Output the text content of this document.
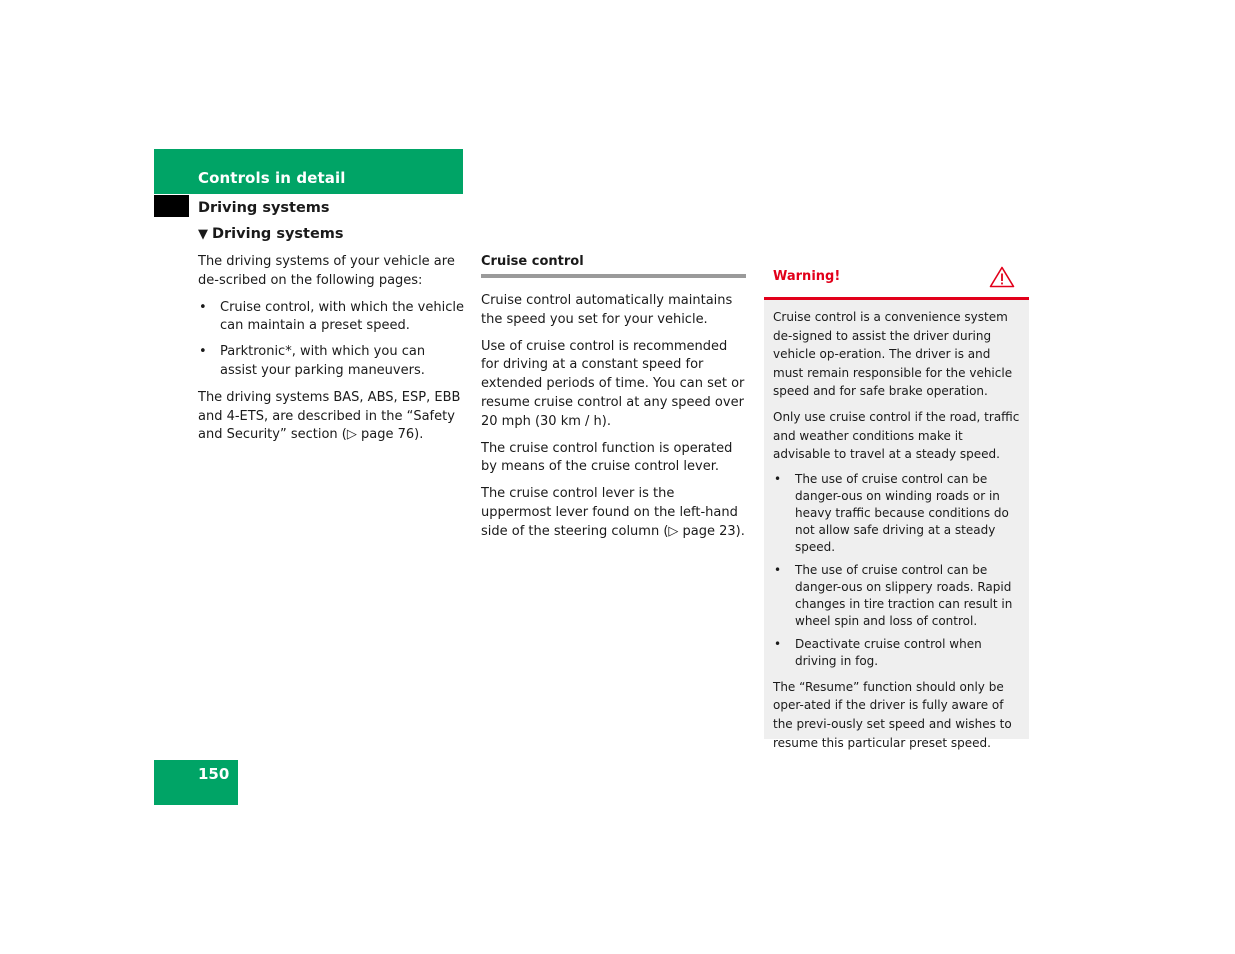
Controls in detail
Driving systems
▼ Driving systems

The driving systems of your vehicle are de-scribed on the following pages:

• Cruise control, with which the vehicle can maintain a preset speed.
• Parktronic*, with which you can assist your parking maneuvers.

The driving systems BAS, ABS, ESP, EBB and 4-ETS, are described in the “Safety and Security” section (▷ page 76).

Cruise control

Cruise control automatically maintains the speed you set for your vehicle.

Use of cruise control is recommended for driving at a constant speed for extended periods of time. You can set or resume cruise control at any speed over 20 mph (30 km / h).

The cruise control function is operated by means of the cruise control lever.

The cruise control lever is the uppermost lever found on the left-hand side of the steering column (▷ page 23).

Warning!

Cruise control is a convenience system de-signed to assist the driver during vehicle op-eration. The driver is and must remain responsible for the vehicle speed and for safe brake operation.

Only use cruise control if the road, traffic and weather conditions make it advisable to travel at a steady speed.

• The use of cruise control can be danger-ous on winding roads or in heavy traffic because conditions do not allow safe driving at a steady speed.
• The use of cruise control can be danger-ous on slippery roads. Rapid changes in tire traction can result in wheel spin and loss of control.
• Deactivate cruise control when driving in fog.

The “Resume” function should only be oper-ated if the driver is fully aware of the previ-ously set speed and wishes to resume this particular preset speed.

150
